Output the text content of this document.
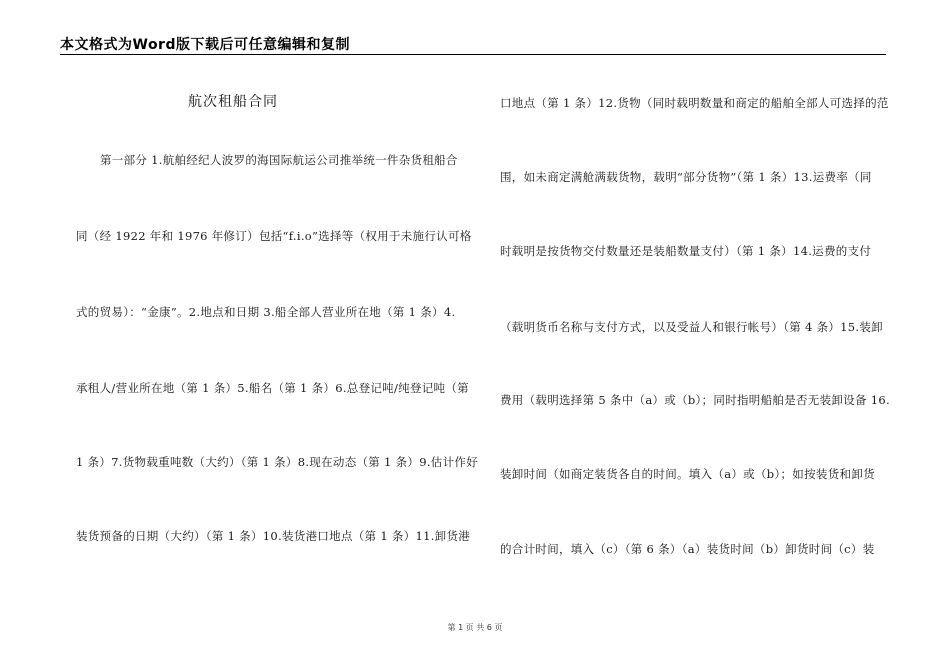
本文格式为Word版下载后可任意编辑和复制
航次租船合同
第一部分 1.航舶经纪人波罗的海国际航运公司推举统一件杂货租船合
同（经 1922 年和 1976 年修订）包括“f.i.o”选择等（权用于未施行认可格
式的贸易）：“金康”。2.地点和日期 3.船全部人营业所在地（第 1 条）4.
承租人/营业所在地（第 1 条）5.船名（第 1 条）6.总登记吨/纯登记吨（第
1 条）7.货物载重吨数（大约）（第 1 条）8.现在动态（第 1 条）9.估计作好
装货预备的日期（大约）（第 1 条）10.装货港口地点（第 1 条）11.卸货港
口地点（第 1 条）12.货物（同时载明数量和商定的船舶全部人可选择的范
围，如未商定满舱满载货物，载明“部分货物”（第 1 条）13.运费率（同
时载明是按货物交付数量还是装船数量支付）（第 1 条）14.运费的支付
（载明货币名称与支付方式，以及受益人和银行帐号）（第 4 条）15.装卸
费用（载明选择第 5 条中（a）或（b）；同时指明船舶是否无装卸设备 16.
装卸时间（如商定装货各自的时间。填入（a）或（b）；如按装货和卸货
的合计时间，填入（c）（第 6 条）（a）装货时间（b）卸货时间（c）装
第 1 页 共 6 页
